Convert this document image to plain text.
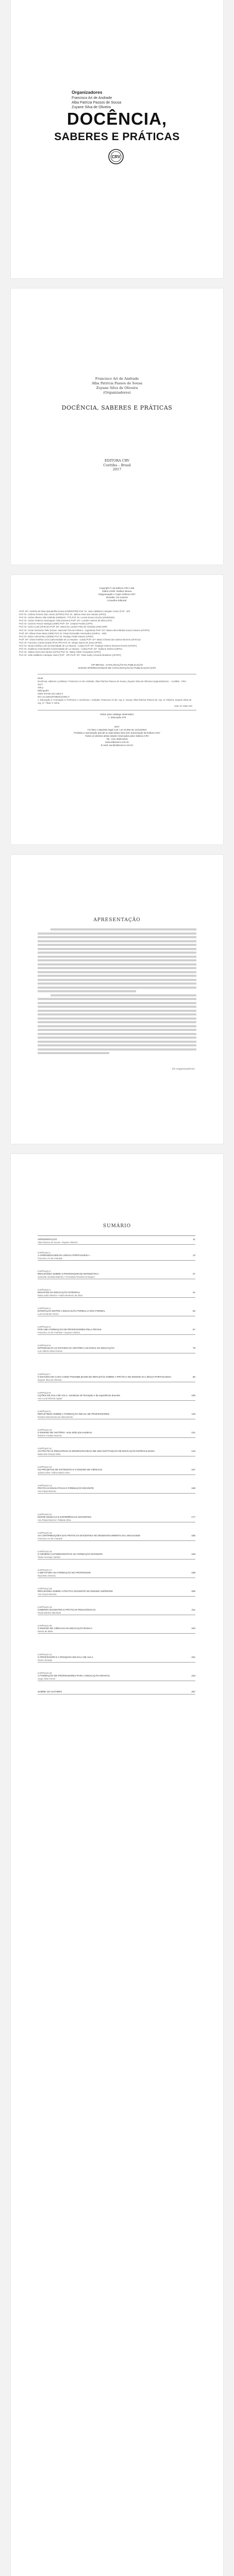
Organizadores
Francisco Ari de Andrade
Alba Patrícia Passos de Sousa
Zuyane Silva de Oliveira
DOCÊNCIA,
SABERES E PRÁTICAS
CRV
Francisco Ari de Andrade
Alba Patrícia Passos de Sousa
Zuyane Silva de Oliveira
(Organizadores)
DOCÊNCIA, SABERES E PRÁTICAS
EDITORA CRV
Curitiba – Brasil
2017
Copyright © da Editora CRV Ltda.
Editor-chefe: Railson Moura
Diagramação e Capa: Editora CRV
Revisão: Os Autores
Conselho Editorial:
Profª. Drª. Andréia da Silva Quintanilha Sousa (UNIR/UFRN) Prof. Dr. Joao Adalberto Campato Junior (FAP - SP)
Prof. Dr. Antônio Pereira Gaio Júnior (UFRRJ) Prof. Dr. Jailson Alves dos Santos (UFRJ)
Prof. Dr. Carlos Alberto Vilar Estêvão (UMINHO - PT) Prof. Dr. Leonel Severo Rocha (UNISINOS)
Prof. Dr. Carlos Federico Dominguez Avila (Unieuro) Profª. Drª. Lourdes Helena da Silva (UFV)
Prof. Dr. Carmen Tereza Velanga (UNIR) Profª. Drª. Josania Portela (UFPI)
Prof. Dr. Celso Conti (UFSCar) Profª. Drª. Maria de Lourdes Pinto de Almeida (UNICAMP)
Prof. Dr. Cesar Gerónimo Tello (Univer. Nacional Três de Febrero - Argentina) Profª. Drª. Maria Lília Imbiriba Sousa Colares (UFOPA)
Profª. Drª. Eliane Rose Maio (UEM) Prof. Dr. Paulo Romualdo Hernandes (UNIFAL - MG)
Prof. Dr. Elizeu Clementino (UNEB) Prof. Dr. Rodrigo Pratte-Santos (UFES)
Profª. Drª. Gloria Fariñas León (Universidade de La Havana - Cuba) Profª. Drª. Maria Cristina dos Santos Bezerra (UFSCar)
Prof. Dr. Francisco Carlos Duarte (PUC-PR) Prof. Dr. Sérgio Nunes de Jesus (IFRO)
Prof. Dr. Gloria Fariñas León (Universidade de La Havana - Cuba) Profª. Drª. Solange Helena Ximenes-Rocha (UFOPA)
Prof. Dr. Guillermo Arias Beatón (Universidade de La Havana - Cuba) Profª. Drª. Sydione Santos (UEPG)
Prof. Dr. Jailson Alves dos Santos (UFRJ) Prof. Dr. Tadeu Oliver Gonçalves (UFPA)
Prof. Dr. João Adalberto Campato Junior (FAP - SP) Profª. Drª. Tania Suely Azevedo Brasileiro (UFOPA)
CIP-BRASIL. CATALOGAÇÃO NA PUBLICAÇÃO
DADOS INTERNACIONAIS DE CATALOGAÇÃO NA PUBLICAÇÃO (CIP)
D636
Docência, saberes e práticas / Francisco Ari de Andrade, Alba Patrícia Passos de Sousa, Zuyane Silva de Oliveira (organizadores). – Curitiba : CRV, 2017.
206 p.
Bibliografia
ISBN 978-85-444-1952-0
DOI 10.24824/978854441952.0
1. Educação 2. Formação 3. Professor 4. Docência I. Andrade, Francisco Ari de. org. II. Sousa, Alba Patrícia Passos de. org. III. Oliveira, Zuyane Silva de. org. IV. Título V. Série.
CDU 37 CDD 370
Índice para catálogo sistemático
1. Educação 370
2017
Foi feito o depósito legal conf. Lei 10.994 de 14/12/2004
Proibida a reprodução parcial ou total desta obra sem autorização da Editora CRV
Todos os direitos desta edição reservados pela: Editora CRV
Tel.: (41) 3039-6418
www.editoracrv.com.br
E-mail: sac@editoracrv.com.br
APRESENTAÇÃO
Os organizadores
SUMÁRIO
APRESENTAÇÃO	11
Alba Passos de Sousa • Zuyane Oliveira
CAPÍTULO 1
A APRENDIZAGEM DA LÍNGUA PORTUGUESA –	13
Francisco Ari de Andrade
CAPÍTULO 2
REFLEXÕES SOBRE O PROFESSOR DE MATEMÁTICA	27
Josenete Almeida Marinho • Fernanda Pimenta Henriques
CAPÍTULO 3
DESAFIOS DA EDUCAÇÃO INTEGRAL	41
Maria Zuíla Oliveira • Ivânia Monteiro da Silva
CAPÍTULO 4
INTERAÇÃO ENTRE A EDUCAÇÃO FORMAL E NÃO FORMAL	53
Luis Fernando Torres
CAPÍTULO 5
POR UMA FORMAÇÃO DE PROFESSORES PELA PRÁXIS	67
Francisco Ari de Andrade • Zuyane Oliveira
CAPÍTULO 6
INTRODUÇÃO AO ESTUDO DA HISTÓRIA CULTURAL DA EDUCAÇÃO	79
Luiz Alberto Silva Gomes
CAPÍTULO 7
O ESTUDO DE CASO COMO POSSIBILIDADE DE REFLEXÃO SOBRE A PRÁTICA NO ENSINO DA LÍNGUA PORTUGUESA	93
Zuyane Silva de Oliveira
CAPÍTULO 8
LIÇÕES DE SALA DE AULA: narrativas de formação e da experiência docente	105
Ana Lucia Silveira Aguiar
CAPÍTULO 9
REFLETINDO SOBRE A FORMAÇÃO INICIAL DE PROFESSORES	119
Rosana Nascimento do Nascimento
CAPÍTULO 10
O ENSINO DE HISTÓRIA: uma visão pós-moderna	131
Rubens Furtado Moreira
CAPÍTULO 11
AS PRÁTICAS PEDAGÓGICAS DESENVOLVIDAS EM UMA INSTITUIÇÃO DE EDUCAÇÃO ESPECIALIZADA	143
Maria das Graças Silva
CAPÍTULO 12
OS PROJETOS DE EXTENSÃO E O ENSINO DE CIÊNCIAS	157
Juliana Silva • Dilma Maria Alves
CAPÍTULO 13
PRÁTICAS EDUCATIVAS E FORMAÇÃO DOCENTE	169
Ana Paula Moreira
CAPÍTULO 14
ENTRE MÚSICAS E EXPERIÊNCIAS DOCENTES	177
Ana Paula Moreira • Rafaela Silva
CAPÍTULO 15
AS CONTRIBUIÇÕES DAS PRÁTICAS DOCENTES NO DESENVOLVIMENTO DA LINGUAGEM	185
Francisco Ari de Andrade
CAPÍTULO 16
O GÊNERO AUTOBIOGRÁFICO NA FORMAÇÃO DOCENTE	193
Paulo Henrique Santos
CAPÍTULO 17
A METÁFORA NA FORMAÇÃO DO PROFESSOR	199
Raul Brito Moreira
CAPÍTULO 18
REFLEXÕES SOBRE A PRÁTICA DOCENTE NO ENSINO SUPERIOR	205
Yuri Souza Moreira
CAPÍTULO 19
SABERES DOCENTES E PRÁTICAS PEDAGÓGICAS	211
Paula Martins Machado
CAPÍTULO 20
O ENSINO DE CIÊNCIAS NA EDUCAÇÃO BÁSICA	223
Ednéa de Mello
CAPÍTULO 21
O PROFESSOR E A PESQUISA EM SALA DE AULA	231
Pedro Almeida
CAPÍTULO 22
A FORMAÇÃO DE PROFESSORES PARA A EDUCAÇÃO INFANTIL	243
Jorge Silva Torres
SOBRE OS AUTORES	257
